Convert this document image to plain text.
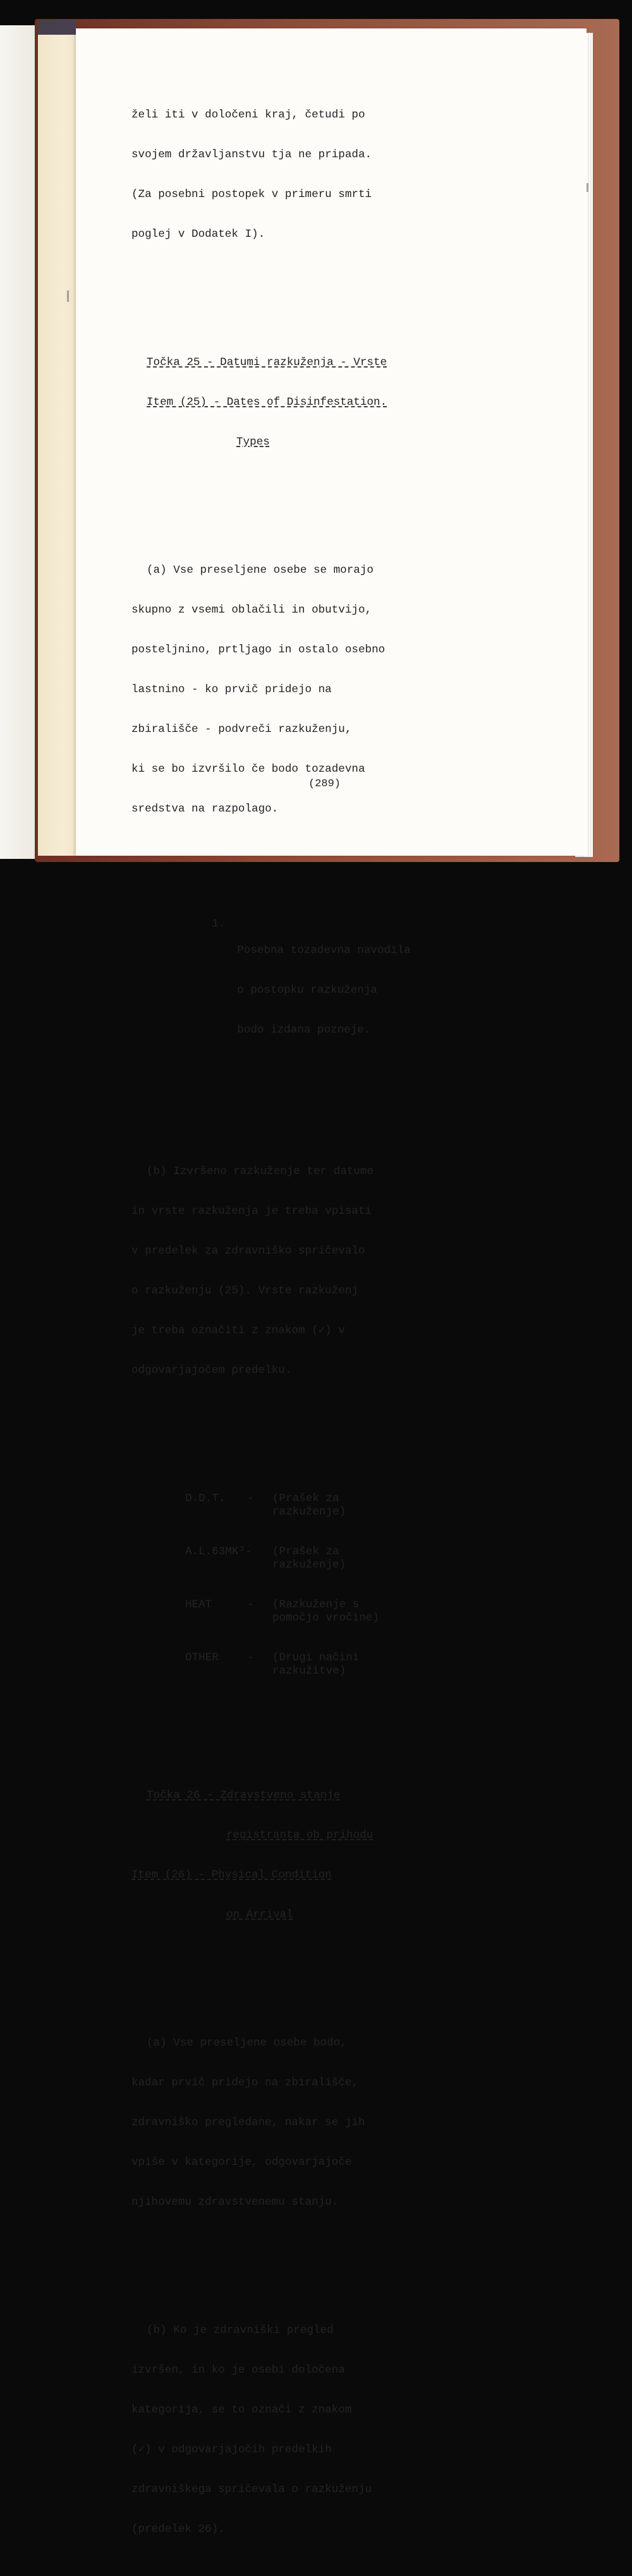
želi iti v določeni kraj, četudi po

svojem državljanstvu tja ne pripada.

(Za posebni postopek v primeru smrti

poglej v Dodatek I).

Točka 25 - Datumi razkuženja - Vrste

Item (25) - Dates of Disinfestation.

Types

(a) Vse preseljene osebe se morajo

skupno z vsemi oblačili in obutvijo,

posteljnino, prtljago in ostalo osebno

lastnino - ko prvič pridejo na

zbirališče - podvreči razkuženju,

ki se bo izvršilo če bodo tozadevna

sredstva na razpolago.

1.

Posebna tozadevna navodila

o postopku razkuženja

bodo izdana pozneje.

(b) Izvršeno razkuženje ter datume

in vrste razkuženja je treba vpisati

v predelek za zdravniško spričevalo

o razkuženju (25). Vrste razkuženj

je treba označiti z znakom (✓) v

odgovarjajočem predelku.

D.D.T.	-	(Prašek za
razkuženje)

A.L.63MK³- (Prašek za
razkuženje)

HEAT	-	(Razkuženje s
pomočjo vročine)

OTHER	-	(Drugi načini
razkužitve)

Točka 26 - Zdravstveno stanje

registranta ob prihodu

Item (26) - Physical Condition

on Arrival

(a) Vse preseljene osebe bodo,

kadar prvič pridejo na zbirališče,

zdravniško pregledane, nakar se jih

vpiše v kategorije, odgovarjajoče

njihovemu zdravstvenemu stanju.

(b) Ko je zdravniški pregled

izvršen, in ko je osebi določena

kategorija, se to označi z znakom

(✓) v odgovarjajočih predelkih

zdravniškega spričevala o razkuženju

(predelek 26).

(289)
